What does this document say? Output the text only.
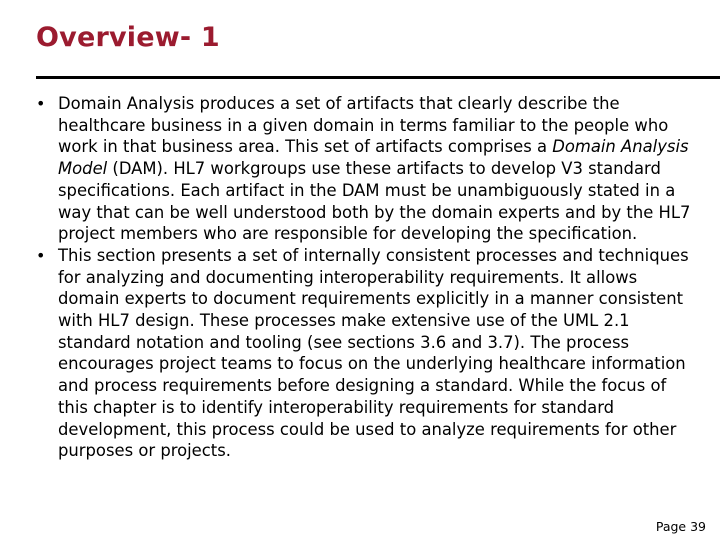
Overview- 1
• Domain Analysis produces a set of artifacts that clearly describe the healthcare business in a given domain in terms familiar to the people who work in that business area. This set of artifacts comprises a Domain Analysis Model (DAM). HL7 workgroups use these artifacts to develop V3 standard specifications. Each artifact in the DAM must be unambiguously stated in a way that can be well understood both by the domain experts and by the HL7 project members who are responsible for developing the specification.
• This section presents a set of internally consistent processes and techniques for analyzing and documenting interoperability requirements. It allows domain experts to document requirements explicitly in a manner consistent with HL7 design. These processes make extensive use of the UML 2.1 standard notation and tooling (see sections 3.6 and 3.7). The process encourages project teams to focus on the underlying healthcare information and process requirements before designing a standard. While the focus of this chapter is to identify interoperability requirements for standard development, this process could be used to analyze requirements for other purposes or projects.
Page 39
